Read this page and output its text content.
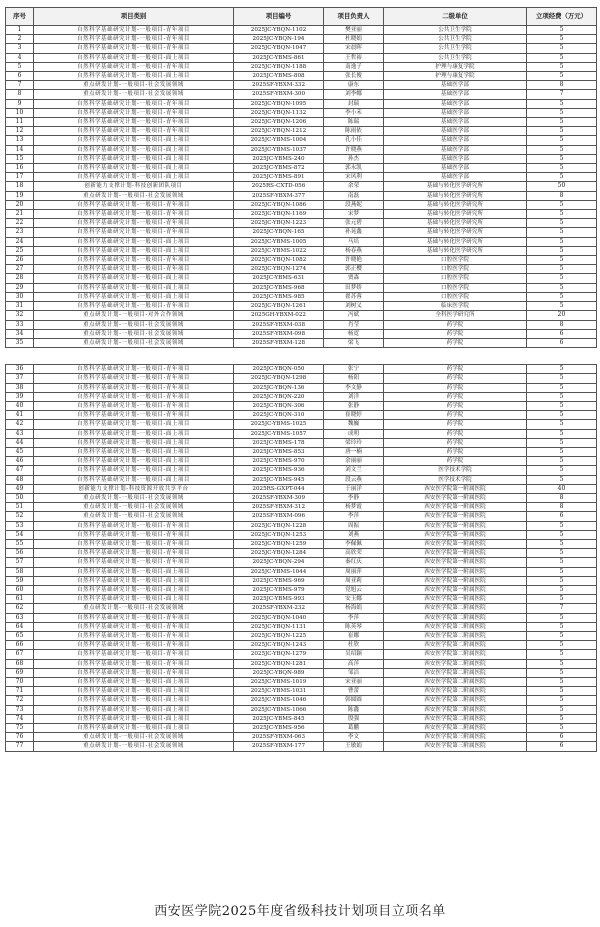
序号	项目类别	项目编号	项目负责人	二级单位	立项经费（万元）
1	自然科学基础研究计划-一般项目-青年项目	2025JC-YBQN-1102	樊亚丽	公共卫生学院	5
2	自然科学基础研究计划-一般项目-青年项目	2025JC-YBQN-194	杜晓娟	公共卫生学院	5
3	自然科学基础研究计划-一般项目-青年项目	2025JC-YBQN-1047	宋晨晖	公共卫生学院	5
4	自然科学基础研究计划-一般项目-面上项目	2025JC-YBMS-861	王哲裕	公共卫生学院	5
5	自然科学基础研究计划-一般项目-青年项目	2025JC-YBQN-1188	南逸子	护理与康复学院	5
6	自然科学基础研究计划-一般项目-面上项目	2025JC-YBMS-808	张长俊	护理与康复学院	5
7	重点研发计划-一般项目-社会发展领域	2025SF-YBXM-332	康东	基础医学部	8
8	重点研发计划-一般项目-社会发展领域	2025SF-YBXM-300	刘李娜	基础医学部	7
9	自然科学基础研究计划-一般项目-青年项目	2025JC-YBQN-1095	封瑞	基础医学部	5
10	自然科学基础研究计划-一般项目-青年项目	2025JC-YBQN-1132	李小禾	基础医学部	5
11	自然科学基础研究计划-一般项目-青年项目	2025JC-YBQN-1206	陈瑞	基础医学部	5
12	自然科学基础研究计划-一般项目-青年项目	2025JC-YBQN-1212	陈雨依	基础医学部	5
13	自然科学基础研究计划-一般项目-面上项目	2025JC-YBMS-1004	孔小佳	基础医学部	5
14	自然科学基础研究计划-一般项目-面上项目	2025JC-YBMS-1037	许晓燕	基础医学部	5
15	自然科学基础研究计划-一般项目-面上项目	2025JC-YBMS-240	孙杰	基础医学部	5
16	自然科学基础研究计划-一般项目-面上项目	2025JC-YBMS-872	郭永凯	基础医学部	5
17	自然科学基础研究计划-一般项目-面上项目	2025JC-YBMS-891	宋风利	基础医学部	5
18	创新能力支撑计划-科技创新团队项目	2025RS-CXTD-056	余荣	基础与转化医学研究所	50
19	重点研发计划-一般项目-社会发展领域	2025SF-YBXM-377	南磊	基础与转化医学研究所	8
20	自然科学基础研究计划-一般项目-青年项目	2025JC-YBQN-1086	段燕妮	基础与转化医学研究所	5
21	自然科学基础研究计划-一般项目-青年项目	2025JC-YBQN-1169	宋梦	基础与转化医学研究所	5
22	自然科学基础研究计划-一般项目-青年项目	2025JC-YBQN-1223	张元碧	基础与转化医学研究所	5
23	自然科学基础研究计划-一般项目-青年项目	2025JC-YBQN-165	孙晃鑫	基础与转化医学研究所	5
24	自然科学基础研究计划-一般项目-面上项目	2025JC-YBMS-1005	马培	基础与转化医学研究所	5
25	自然科学基础研究计划-一般项目-面上项目	2025JC-YBMS-1022	杨春燕	基础与转化医学研究所	5
26	自然科学基础研究计划-一般项目-青年项目	2025JC-YBQN-1082	许晓艳	口腔医学院	5
27	自然科学基础研究计划-一般项目-青年项目	2025JC-YBQN-1274	郭正樱	口腔医学院	5
28	自然科学基础研究计划-一般项目-面上项目	2025JC-YBMS-631	贾森	口腔医学院	5
29	自然科学基础研究计划-一般项目-面上项目	2025JC-YBMS-968	田梦娇	口腔医学院	5
30	自然科学基础研究计划-一般项目-面上项目	2025JC-YBMS-985	翟苏蓉	口腔医学院	5
31	自然科学基础研究计划-一般项目-青年项目	2025JC-YBQN-1261	刘树义	临床医学院	5
32	重点研发计划-一般项目-对外合作领域	2025GH-YBXM-022	冯斌	全科医学研究所	20
33	重点研发计划-一般项目-社会发展领域	2025SF-YBXM-038	肖莹	药学院	8
34	重点研发计划-一般项目-社会发展领域	2025SF-YBXM-098	杨霓	药学院	6
35	重点研发计划-一般项目-社会发展领域	2025SF-YBXM-128	梁飞	药学院	6

36	自然科学基础研究计划-一般项目-青年项目	2025JC-YBQN-050	张宁	药学院	5
37	自然科学基础研究计划-一般项目-青年项目	2025JC-YBQN-1298	杨阳	药学院	5
38	自然科学基础研究计划-一般项目-青年项目	2025JC-YBQN-136	李文静	药学院	5
39	自然科学基础研究计划-一般项目-青年项目	2025JC-YBQN-220	刘洋	药学院	5
40	自然科学基础研究计划-一般项目-青年项目	2025JC-YBQN-306	张静	药学院	5
41	自然科学基础研究计划-一般项目-青年项目	2025JC-YBQN-310	崔晓婷	药学院	5
42	自然科学基础研究计划-一般项目-面上项目	2025JC-YBMS-1025	魏巍	药学院	5
43	自然科学基础研究计划-一般项目-面上项目	2025JC-YBMS-1057	成明	药学院	5
44	自然科学基础研究计划-一般项目-面上项目	2025JC-YBMS-178	梁玲玲	药学院	5
45	自然科学基础研究计划-一般项目-面上项目	2025JC-YBMS-853	唐一楠	药学院	5
46	自然科学基础研究计划-一般项目-面上项目	2025JC-YBMS-970	余丽丽	药学院	5
47	自然科学基础研究计划-一般项目-面上项目	2025JC-YBMS-936	刘文兰	医学技术学院	5
48	自然科学基础研究计划-一般项目-面上项目	2025JC-YBMS-945	段云燕	医学技术学院	5
49	创新能力支撑计划-科技资源开放共享平台	2025RS-GXPT-044	于丽洋	西安医学院第一附属医院	40
50	重点研发计划-一般项目-社会发展领域	2025SF-YBXM-309	李静	西安医学院第一附属医院	8
51	重点研发计划-一般项目-社会发展领域	2025SF-YBXM-312	杨梦霞	西安医学院第一附属医院	8
52	重点研发计划-一般项目-社会发展领域	2025SF-YBXM-096	李萍	西安医学院第一附属医院	6
53	自然科学基础研究计划-一般项目-青年项目	2025JC-YBQN-1228	周振	西安医学院第一附属医院	5
54	自然科学基础研究计划-一般项目-青年项目	2025JC-YBQN-1253	刘燕	西安医学院第一附属医院	5
55	自然科学基础研究计划-一般项目-青年项目	2025JC-YBQN-1259	李佩佩	西安医学院第一附属医院	5
56	自然科学基础研究计划-一般项目-青年项目	2025JC-YBQN-1284	高欣荣	西安医学院第一附属医院	5
57	自然科学基础研究计划-一般项目-青年项目	2025JC-YBQN-294	秦红庆	西安医学院第一附属医院	5
58	自然科学基础研究计划-一般项目-面上项目	2025JC-YBMS-1044	周丽萍	西安医学院第一附属医院	5
59	自然科学基础研究计划-一般项目-面上项目	2025JC-YBMS-969	周亚莉	西安医学院第一附属医院	5
60	自然科学基础研究计划-一般项目-面上项目	2025JC-YBMS-979	党旭云	西安医学院第一附属医院	5
61	自然科学基础研究计划-一般项目-面上项目	2025JC-YBMS-993	安玉娜	西安医学院第一附属医院	5
62	重点研发计划-一般项目-社会发展领域	2025SF-YBXM-232	杨海娟	西安医学院第二附属医院	7
63	自然科学基础研究计划-一般项目-青年项目	2025JC-YBQN-1040	李萍	西安医学院第二附属医院	5
64	自然科学基础研究计划-一般项目-青年项目	2025JC-YBQN-1131	陈英琴	西安医学院第二附属医院	5
65	自然科学基础研究计划-一般项目-青年项目	2025JC-YBQN-1225	崔娜	西安医学院第二附属医院	5
66	自然科学基础研究计划-一般项目-青年项目	2025JC-YBQN-1243	杜欣	西安医学院第二附属医院	5
67	自然科学基础研究计划-一般项目-青年项目	2025JC-YBQN-1279	吴绍颖	西安医学院第二附属医院	5
68	自然科学基础研究计划-一般项目-青年项目	2025JC-YBQN-1281	高萍	西安医学院第二附属医院	5
69	自然科学基础研究计划-一般项目-青年项目	2025JC-YBQN-989	邹洁	西安医学院第二附属医院	5
70	自然科学基础研究计划-一般项目-面上项目	2025JC-YBMS-1019	宋亚丽	西安医学院第二附属医院	5
71	自然科学基础研究计划-一般项目-面上项目	2025JC-YBMS-1031	曹蕾	西安医学院第二附属医院	5
72	自然科学基础研究计划-一般项目-面上项目	2025JC-YBMS-1046	韩圆圆	西安医学院第二附属医院	5
73	自然科学基础研究计划-一般项目-面上项目	2025JC-YBMS-1066	陈鑫	西安医学院第二附属医院	5
74	自然科学基础研究计划-一般项目-面上项目	2025JC-YBMS-845	殷强	西安医学院第二附属医院	5
75	自然科学基础研究计划-一般项目-面上项目	2025JC-YBMS-956	葛鹏	西安医学院第二附属医院	5
76	重点研发计划-一般项目-社会发展领域	2025SF-YBXM-063	李文	西安医学院第三附属医院	6
77	重点研发计划-一般项目-社会发展领域	2025SF-YBXM-177	王敏娟	西安医学院第三附属医院	6
西安医学院2025年度省级科技计划项目立项名单
